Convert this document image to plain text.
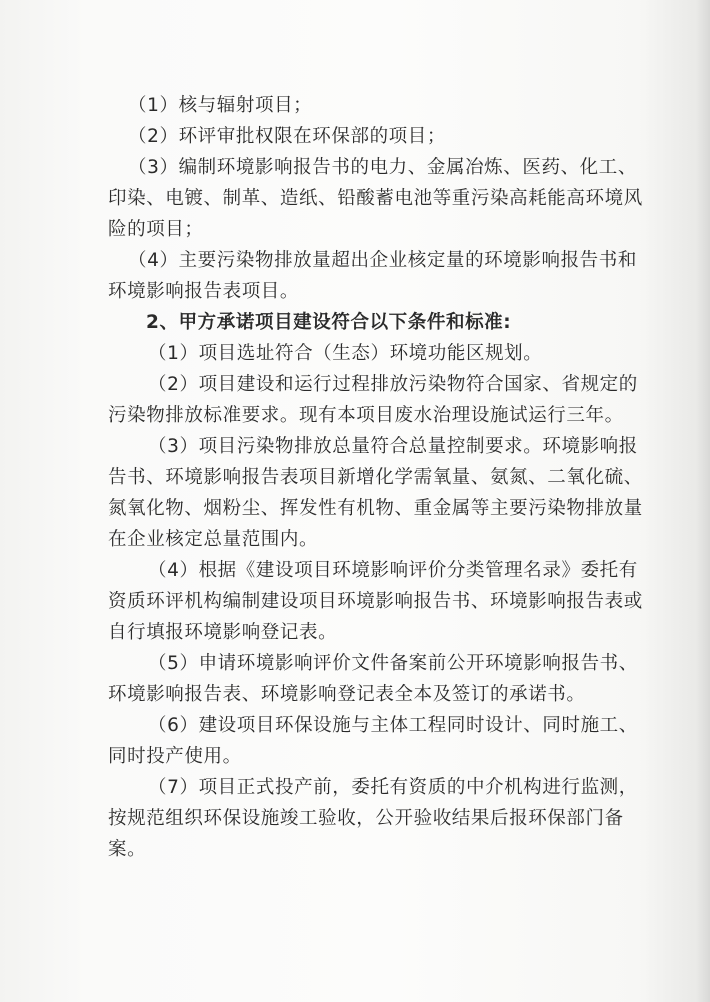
（1）核与辐射项目；
（2）环评审批权限在环保部的项目；
（3）编制环境影响报告书的电力、金属冶炼、医药、化工、
印染、电镀、制革、造纸、铅酸蓄电池等重污染高耗能高环境风
险的项目；
（4）主要污染物排放量超出企业核定量的环境影响报告书和
环境影响报告表项目。
2、甲方承诺项目建设符合以下条件和标准:
（1）项目选址符合（生态）环境功能区规划。
（2）项目建设和运行过程排放污染物符合国家、省规定的
污染物排放标准要求。现有本项目废水治理设施试运行三年。
（3）项目污染物排放总量符合总量控制要求。环境影响报
告书、环境影响报告表项目新增化学需氧量、氨氮、二氧化硫、
氮氧化物、烟粉尘、挥发性有机物、重金属等主要污染物排放量
在企业核定总量范围内。
（4）根据《建设项目环境影响评价分类管理名录》委托有
资质环评机构编制建设项目环境影响报告书、环境影响报告表或
自行填报环境影响登记表。
（5）申请环境影响评价文件备案前公开环境影响报告书、
环境影响报告表、环境影响登记表全本及签订的承诺书。
（6）建设项目环保设施与主体工程同时设计、同时施工、
同时投产使用。
（7）项目正式投产前，委托有资质的中介机构进行监测，
按规范组织环保设施竣工验收，公开验收结果后报环保部门备
案。
